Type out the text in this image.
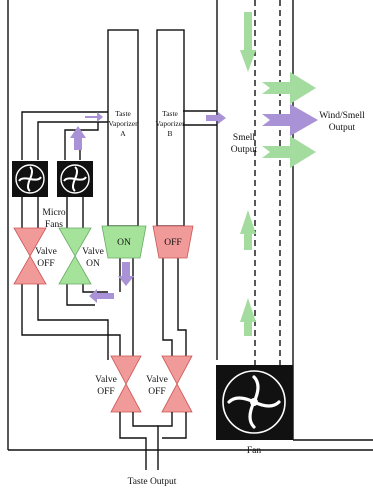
Taste
Vaporizer
A
Taste
Vaporizer
B	Smell
Output
Wind/Smell
Output
Micro
Fans
Valve
OFF
Valve
ON
ON	OFF
Valve
OFF
Valve
OFF
Fan
Taste Output
